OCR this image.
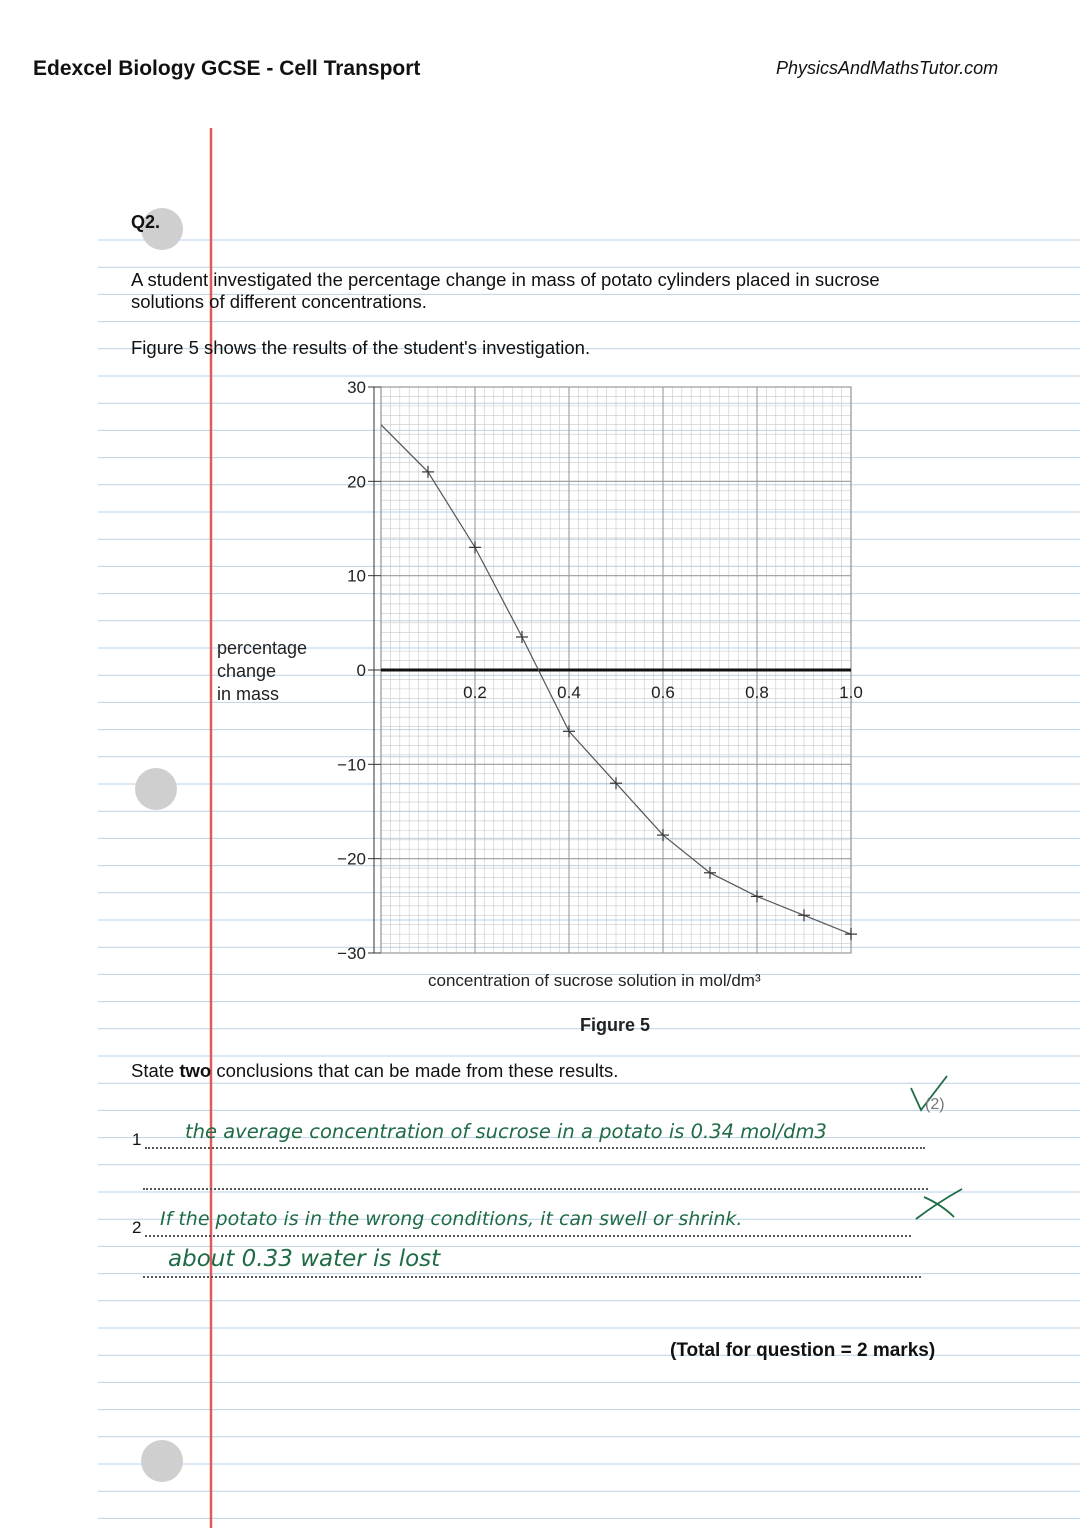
Edexcel Biology GCSE - Cell Transport	PhysicsAndMathsTutor.com
Q2.
A student investigated the percentage change in mass of potato cylinders placed in sucrose
solutions of different concentrations.
Figure 5 shows the results of the student's investigation.
0.2	0.4	0.6	0.8	1.0
30
20
10
0
−10
−20
−30
concentration of sucrose solution in mol/dm³
percentage
change
in mass
Figure 5
State two conclusions that can be made from these results.
(2)
1 the average concentration of sucrose in a potato is 0.34 mol/dm3
2 If the potato is in the wrong conditions, it can swell or shrink.
about 0.33 water is lost
(Total for question = 2 marks)
